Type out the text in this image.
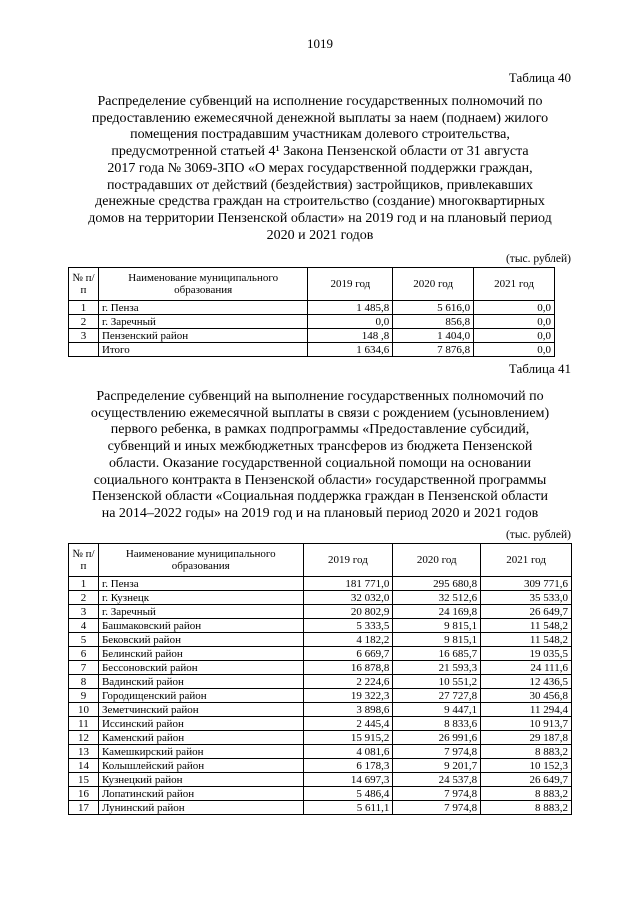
1019
Таблица 40
Распределение субвенций на исполнение государственных полномочий по
предоставлению ежемесячной денежной выплаты за наем (поднаем) жилого
помещения пострадавшим участникам долевого строительства,
предусмотренной статьей 4¹ Закона Пензенской области от 31 августа
2017 года № 3069-ЗПО «О мерах государственной поддержки граждан,
пострадавших от действий (бездействия) застройщиков, привлекавших
денежные средства граждан на строительство (создание) многоквартирных
домов на территории Пензенской области» на 2019 год и на плановый период
2020 и 2021 годов
(тыс. рублей)
№ п/п	Наименование муниципального образования	2019 год	2020 год	2021 год
1	г. Пенза	1 485,8	5 616,0	0,0
2	г. Заречный	0,0	856,8	0,0
3	Пензенский район	148 ,8	1 404,0	0,0
	Итого	1 634,6	7 876,8	0,0
Таблица 41
Распределение субвенций на выполнение государственных полномочий по
осуществлению ежемесячной выплаты в связи с рождением (усыновлением)
первого ребенка, в рамках подпрограммы «Предоставление субсидий,
субвенций и иных межбюджетных трансферов из бюджета Пензенской
области. Оказание государственной социальной помощи на основании
социального контракта в Пензенской области» государственной программы
Пензенской области «Социальная поддержка граждан в Пензенской области
на 2014–2022 годы» на 2019 год и на плановый период 2020 и 2021 годов
(тыс. рублей)
№ п/п	Наименование муниципального образования	2019 год	2020 год	2021 год
1	г. Пенза	181 771,0	295 680,8	309 771,6
2	г. Кузнецк	32 032,0	32 512,6	35 533,0
3	г. Заречный	20 802,9	24 169,8	26 649,7
4	Башмаковский район	5 333,5	9 815,1	11 548,2
5	Бековский район	4 182,2	9 815,1	11 548,2
6	Белинский район	6 669,7	16 685,7	19 035,5
7	Бессоновский район	16 878,8	21 593,3	24 111,6
8	Вадинский район	2 224,6	10 551,2	12 436,5
9	Городищенский район	19 322,3	27 727,8	30 456,8
10	Земетчинский район	3 898,6	9 447,1	11 294,4
11	Иссинский район	2 445,4	8 833,6	10 913,7
12	Каменский район	15 915,2	26 991,6	29 187,8
13	Камешкирский район	4 081,6	7 974,8	8 883,2
14	Колышлейский район	6 178,3	9 201,7	10 152,3
15	Кузнецкий район	14 697,3	24 537,8	26 649,7
16	Лопатинский район	5 486,4	7 974,8	8 883,2
17	Лунинский район	5 611,1	7 974,8	8 883,2
